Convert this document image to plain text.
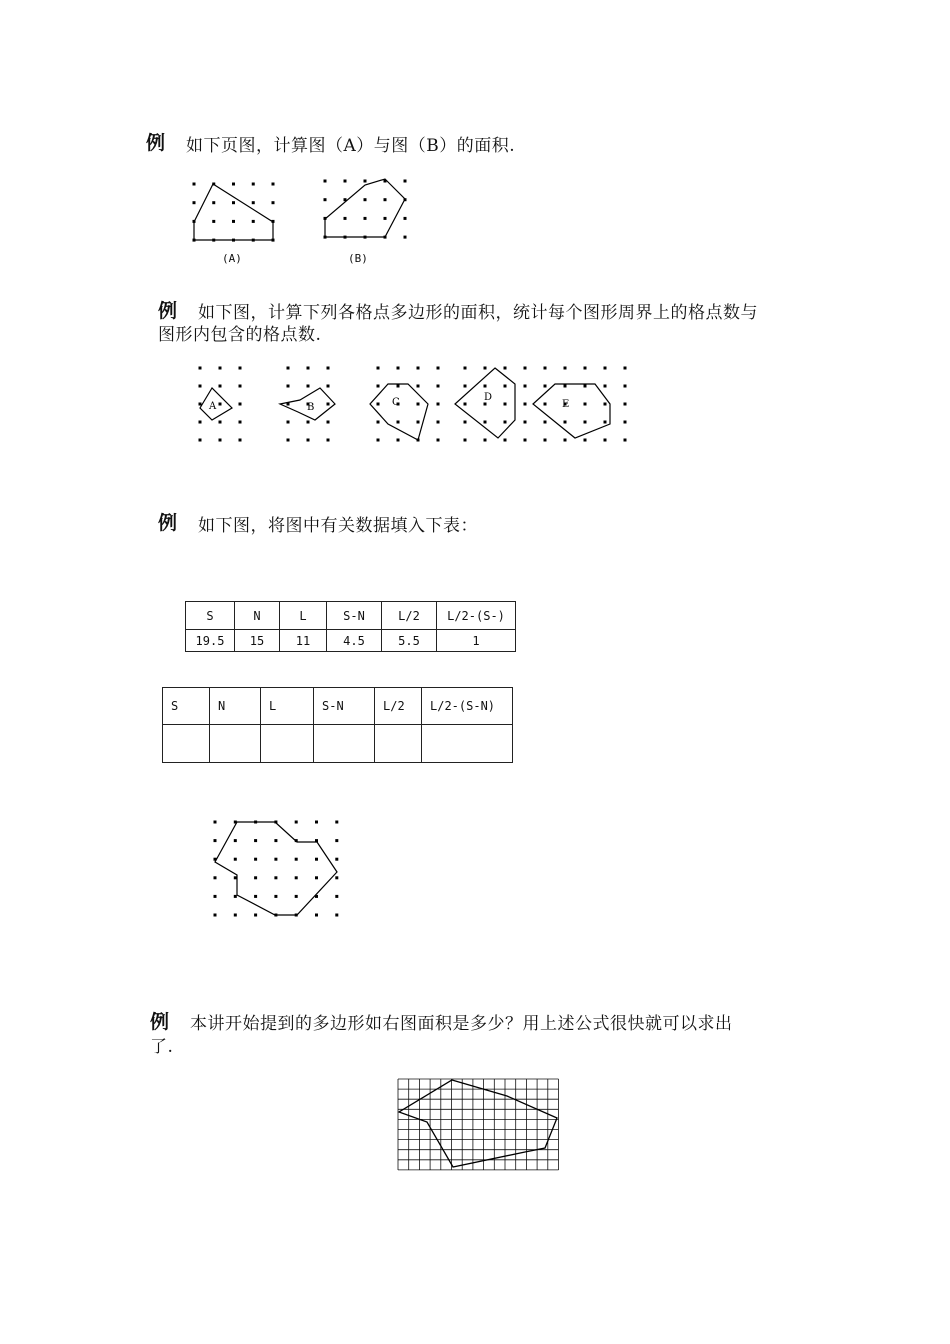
例 如下页图，计算图（A）与图（B）的面积.
(A)	(B)
例 如下图，计算下列各格点多边形的面积，统计每个图形周界上的格点数与
图形内包含的格点数.
A	B	C	D
E
例 如下图，将图中有关数据填入下表：
S	N	L	S-N	L/2	L/2-(S-)
19.5	15	11	4.5	5.5	1
S	N	L	S-N	L/2	L/2-(S-N)

例 本讲开始提到的多边形如右图面积是多少？用上述公式很快就可以求出
了.
